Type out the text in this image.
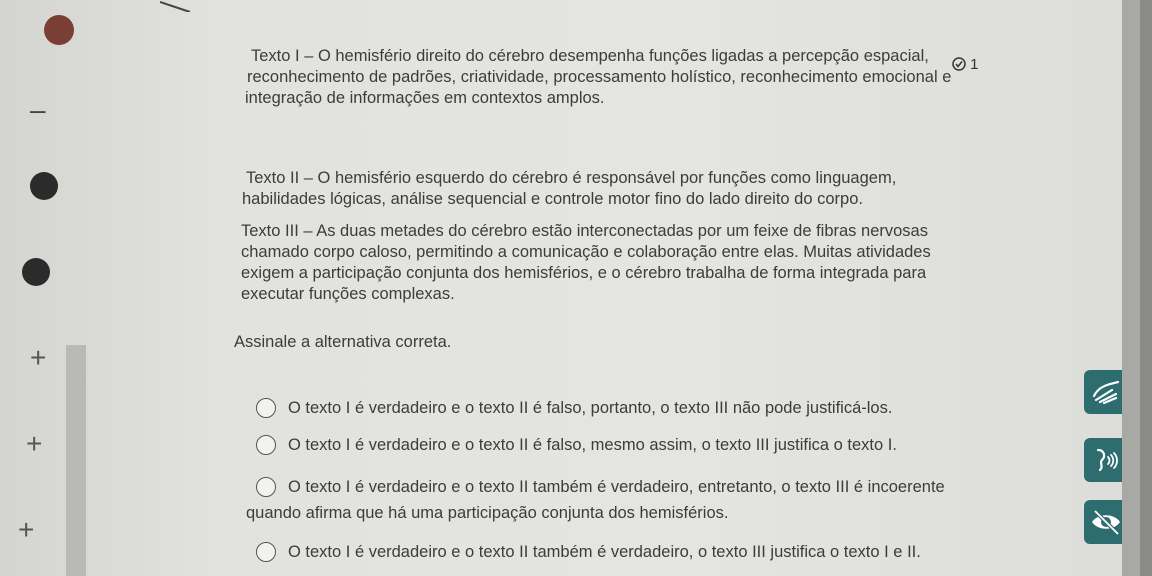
–
+
+
+
Texto I – O hemisfério direito do cérebro desempenha funções ligadas a percepção espacial,
reconhecimento de padrões, criatividade, processamento holístico, reconhecimento emocional e
integração de informações em contextos amplos.
1
Texto II – O hemisfério esquerdo do cérebro é responsável por funções como linguagem,
habilidades lógicas, análise sequencial e controle motor fino do lado direito do corpo.
Texto III – As duas metades do cérebro estão interconectadas por um feixe de fibras nervosas
chamado corpo caloso, permitindo a comunicação e colaboração entre elas. Muitas atividades
exigem a participação conjunta dos hemisférios, e o cérebro trabalha de forma integrada para
executar funções complexas.
Assinale a alternativa correta.
O texto I é verdadeiro e o texto II é falso, portanto, o texto III não pode justificá-los.
O texto I é verdadeiro e o texto II é falso, mesmo assim, o texto III justifica o texto I.
O texto I é verdadeiro e o texto II também é verdadeiro, entretanto, o texto III é incoerente
quando afirma que há uma participação conjunta dos hemisférios.
O texto I é verdadeiro e o texto II também é verdadeiro, o texto III justifica o texto I e II.
